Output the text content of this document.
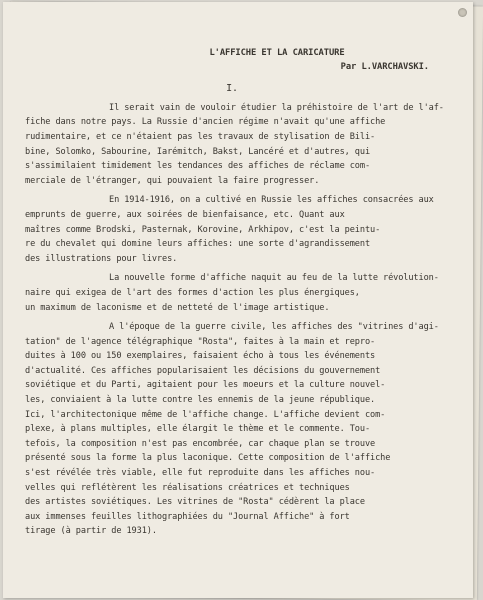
L'AFFICHE ET LA CARICATURE
Par L.VARCHAVSKI.
I.
Il serait vain de vouloir étudier la préhistoire de l'art de l'af-
fiche dans notre pays. La Russie d'ancien régime n'avait qu'une affiche
rudimentaire, et ce n'étaient pas les travaux de stylisation de Bili-
bine, Solomko, Sabourine, Iarémitch, Bakst, Lancéré et d'autres, qui
s'assimilaient timidement les tendances des affiches de réclame com-
merciale de l'étranger, qui pouvaient la faire progresser.
En 1914-1916, on a cultivé en Russie les affiches consacrées aux
emprunts de guerre, aux soirées de bienfaisance, etc. Quant aux
maîtres comme Brodski, Pasternak, Korovine, Arkhipov, c'est la peintu-
re du chevalet qui domine leurs affiches: une sorte d'agrandissement
des illustrations pour livres.
La nouvelle forme d'affiche naquit au feu de la lutte révolution-
naire qui exigea de l'art des formes d'action les plus énergiques,
un maximum de laconisme et de netteté de l'image artistique.
A l'époque de la guerre civile, les affiches des "vitrines d'agi-
tation" de l'agence télégraphique "Rosta", faites à la main et repro-
duites à 100 ou 150 exemplaires, faisaient écho à tous les événements
d'actualité. Ces affiches popularisaient les décisions du gouvernement
soviétique et du Parti, agitaient pour les moeurs et la culture nouvel-
les, conviaient à la lutte contre les ennemis de la jeune république.
Ici, l'architectonique même de l'affiche change. L'affiche devient com-
plexe, à plans multiples, elle élargit le thème et le commente. Tou-
tefois, la composition n'est pas encombrée, car chaque plan se trouve
présenté sous la forme la plus laconique. Cette composition de l'affiche
s'est révélée très viable, elle fut reproduite dans les affiches nou-
velles qui reflétèrent les réalisations créatrices et techniques
des artistes soviétiques. Les vitrines de "Rosta" cédèrent la place
aux immenses feuilles lithographiées du "Journal Affiche" à fort
tirage (à partir de 1931).
